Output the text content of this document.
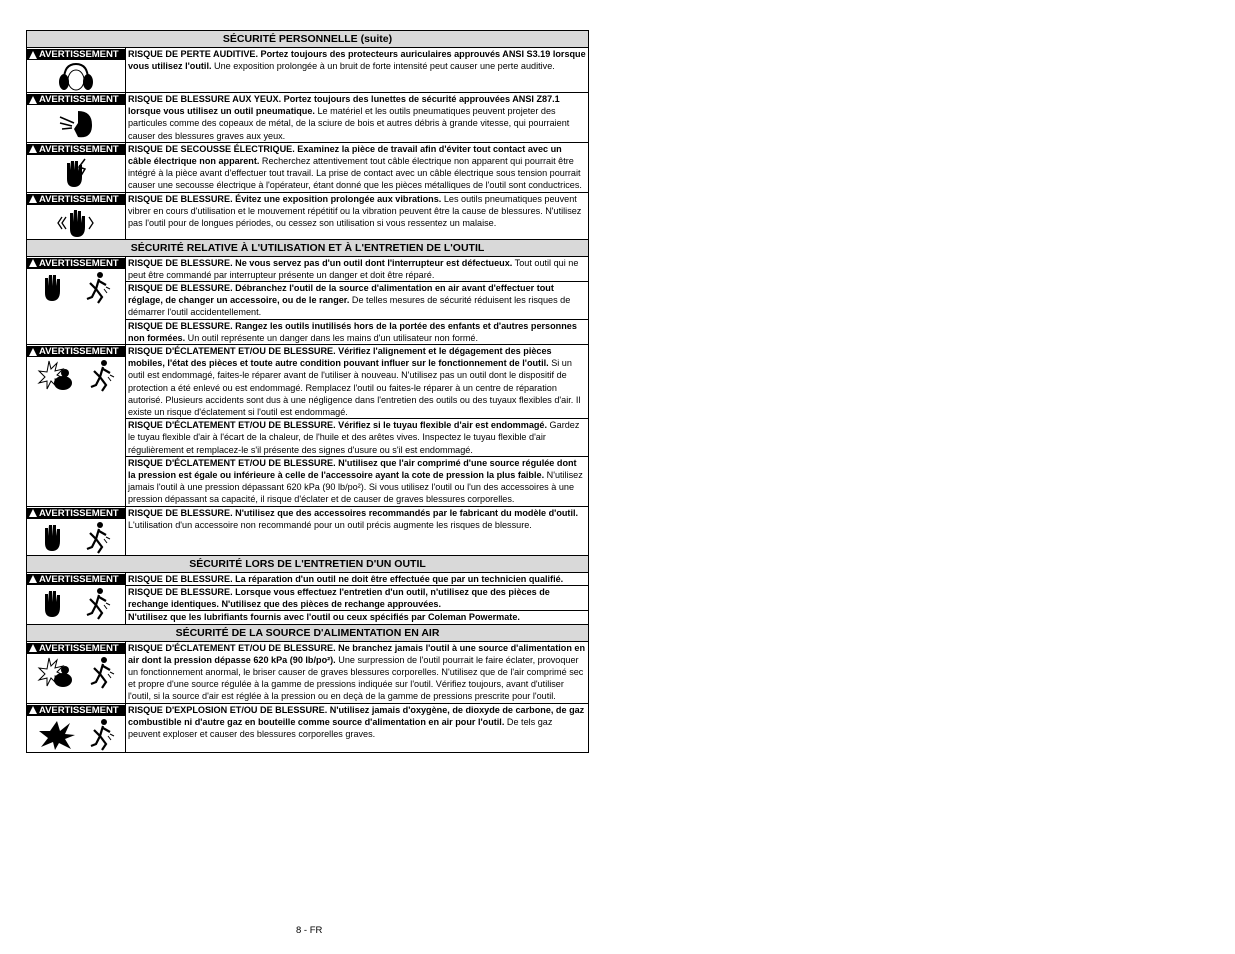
SÉCURITÉ PERSONNELLE (suite)
AVERTISSEMENT RISQUE DE PERTE AUDITIVE. Portez toujours des protecteurs auriculaires approuvés ANSI S3.19 lorsque vous utilisez l'outil. Une exposition prolongée à un bruit de forte intensité peut causer une perte auditive.
AVERTISSEMENT RISQUE DE BLESSURE AUX YEUX. Portez toujours des lunettes de sécurité approuvées ANSI Z87.1 lorsque vous utilisez un outil pneumatique. Le matériel et les outils pneumatiques peuvent projeter des particules comme des copeaux de métal, de la sciure de bois et autres débris à grande vitesse, qui pourraient causer des blessures graves aux yeux.
AVERTISSEMENT RISQUE DE SECOUSSE ÉLECTRIQUE. Examinez la pièce de travail afin d'éviter tout contact avec un câble électrique non apparent. Recherchez attentivement tout câble électrique non apparent qui pourrait être intégré à la pièce avant d'effectuer tout travail. La prise de contact avec un câble électrique sous tension pourrait causer une secousse électrique à l'opérateur, étant donné que les pièces métalliques de l'outil sont conductrices.
AVERTISSEMENT RISQUE DE BLESSURE. Évitez une exposition prolongée aux vibrations. Les outils pneumatiques peuvent vibrer en cours d'utilisation et le mouvement répétitif ou la vibration peuvent être la cause de blessures. N'utilisez pas l'outil pour de longues périodes, ou cessez son utilisation si vous ressentez un malaise.
SÉCURITÉ RELATIVE À L'UTILISATION ET À L'ENTRETIEN DE L'OUTIL
AVERTISSEMENT RISQUE DE BLESSURE. Ne vous servez pas d'un outil dont l'interrupteur est défectueux. Tout outil qui ne peut être commandé par interrupteur présente un danger et doit être réparé.
RISQUE DE BLESSURE. Débranchez l'outil de la source d'alimentation en air avant d'effectuer tout réglage, de changer un accessoire, ou de le ranger. De telles mesures de sécurité réduisent les risques de démarrer l'outil accidentellement.
RISQUE DE BLESSURE. Rangez les outils inutilisés hors de la portée des enfants et d'autres personnes non formées. Un outil représente un danger dans les mains d'un utilisateur non formé.
AVERTISSEMENT RISQUE D'ÉCLATEMENT ET/OU DE BLESSURE. Vérifiez l'alignement et le dégagement des pièces mobiles, l'état des pièces et toute autre condition pouvant influer sur le fonctionnement de l'outil. Si un outil est endommagé, faites-le réparer avant de l'utiliser à nouveau. N'utilisez pas un outil dont le dispositif de protection a été enlevé ou est endommagé. Remplacez l'outil ou faites-le réparer à un centre de réparation autorisé. Plusieurs accidents sont dus à une négligence dans l'entretien des outils ou des tuyaux flexibles d'air. Il existe un risque d'éclatement si l'outil est endommagé.
RISQUE D'ÉCLATEMENT ET/OU DE BLESSURE. Vérifiez si le tuyau flexible d'air est endommagé. Gardez le tuyau flexible d'air à l'écart de la chaleur, de l'huile et des arêtes vives. Inspectez le tuyau flexible d'air régulièrement et remplacez-le s'il présente des signes d'usure ou s'il est endommagé.
RISQUE D'ÉCLATEMENT ET/OU DE BLESSURE. N'utilisez que l'air comprimé d'une source régulée dont la pression est égale ou inférieure à celle de l'accessoire ayant la cote de pression la plus faible. N'utilisez jamais l'outil à une pression dépassant 620 kPa (90 lb/po²). Si vous utilisez l'outil ou l'un des accessoires à une pression dépassant sa capacité, il risque d'éclater et de causer de graves blessures corporelles.
AVERTISSEMENT RISQUE DE BLESSURE. N'utilisez que des accessoires recommandés par le fabricant du modèle d'outil. L'utilisation d'un accessoire non recommandé pour un outil précis augmente les risques de blessure.
SÉCURITÉ LORS DE L'ENTRETIEN D'UN OUTIL
AVERTISSEMENT RISQUE DE BLESSURE. La réparation d'un outil ne doit être effectuée que par un technicien qualifié.
RISQUE DE BLESSURE. Lorsque vous effectuez l'entretien d'un outil, n'utilisez que des pièces de rechange identiques. N'utilisez que des pièces de rechange approuvées.
N'utilisez que les lubrifiants fournis avec l'outil ou ceux spécifiés par Coleman Powermate.
SÉCURITÉ DE LA SOURCE D'ALIMENTATION EN AIR
AVERTISSEMENT RISQUE D'ÉCLATEMENT ET/OU DE BLESSURE. Ne branchez jamais l'outil à une source d'alimentation en air dont la pression dépasse 620 kPa (90 lb/po²). Une surpression de l'outil pourrait le faire éclater, provoquer un fonctionnement anormal, le briser causer de graves blessures corporelles. N'utilisez que de l'air comprimé sec et propre d'une source régulée à la gamme de pressions indiquée sur l'outil. Vérifiez toujours, avant d'utiliser l'outil, si la source d'air est réglée à la pression ou en deçà de la gamme de pressions prescrite pour l'outil.
AVERTISSEMENT RISQUE D'EXPLOSION ET/OU DE BLESSURE. N'utilisez jamais d'oxygène, de dioxyde de carbone, de gaz combustible ni d'autre gaz en bouteille comme source d'alimentation en air pour l'outil. De tels gaz peuvent exploser et causer des blessures corporelles graves.
8 - FR
